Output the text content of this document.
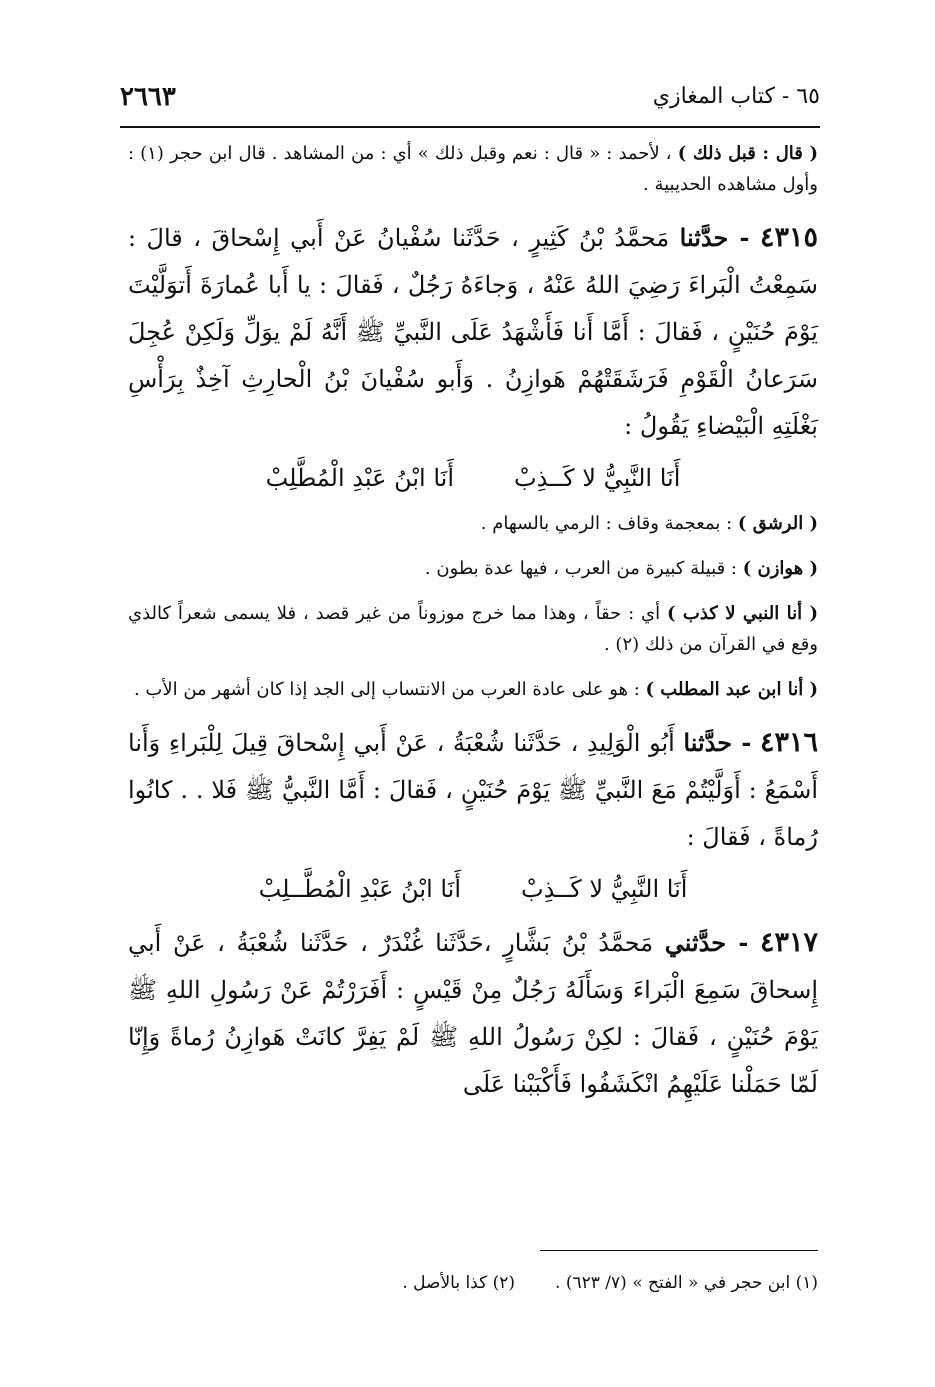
٦٥ - كتاب المغازي
٢٦٦٣

( قال : قبل ذلك ) ، لأحمد : « قال : نعم وقبل ذلك » أي : من المشاهد . قال ابن حجر (١) : وأول مشاهده الحديبية .

٤٣١٥ - حدَّثنا مَحمَّدُ بْنُ كَثِيرٍ ، حَدَّثَنا سُفْيانُ عَنْ أَبي إِسْحاقَ ، قالَ : سَمِعْتُ الْبَراءَ رَضِيَ اللهُ عَنْهُ ، وَجاءَهُ رَجُلٌ ، فَقالَ : يا أَبا عُمارَةَ أَتوَلَّيْتَ يَوْمَ حُنَيْنٍ ، فَقالَ : أَمَّا أَنا فَأَشْهَدُ عَلَى النَّبيِّ ﷺ أَنَّهُ لَمْ يوَلِّ وَلَكِنْ عُجِلَ سَرَعانُ الْقَوْمِ فَرَشَقَتْهُمْ هَوازِنُ . وَأَبو سُفْيانَ بْنُ الْحارِثِ آخِذٌ بِرَأْسِ بَغْلَتِهِ الْبَيْضاءِ يَقُولُ :

أَنَا النَّبِيُّ لا كَــذِبْ
أَنَا ابْنُ عَبْدِ الْمُطَّلِبْ

( الرشق ) : بمعجمة وقاف : الرمي بالسهام .

( هوازن ) : قبيلة كبيرة من العرب ، فيها عدة بطون .

( أنا النبي لا كذب ) أي : حقاً ، وهذا مما خرج موزوناً من غير قصد ، فلا يسمى شعراً كالذي وقع في القرآن من ذلك (٢) .

( أنا ابن عبد المطلب ) : هو على عادة العرب من الانتساب إلى الجد إذا كان أشهر من الأب .

٤٣١٦ - حدَّثنا أَبُو الْوَلِيدِ ، حَدَّثَنا شُعْبَةُ ، عَنْ أَبي إِسْحاقَ قِيلَ لِلْبَراءِ وَأَنا أَسْمَعُ : أَوَلَّيْتُمْ مَعَ النَّبيِّ ﷺ يَوْمَ حُنَيْنٍ ، فَقالَ : أَمَّا النَّبيُّ ﷺ فَلا . . كانُوا رُماةً ، فَقالَ :

أَنَا النَّبِيُّ لا كَــذِبْ
أَنَا ابْنُ عَبْدِ الْمُطَّــلِبْ

٤٣١٧ - حدَّثني مَحمَّدُ بْنُ بَشَّارٍ ،حَدَّثَنا غُنْدَرٌ ، حَدَّثَنا شُعْبَةُ ، عَنْ أَبي إِسحاقَ سَمِعَ الْبَراءَ وَسَأَلَهُ رَجُلٌ مِنْ قَيْسٍ : أَفَرَرْتُمْ عَنْ رَسُولِ اللهِ ﷺ يَوْمَ حُنَيْنٍ ، فَقالَ : لكِنْ رَسُولُ اللهِ ﷺ لَمْ يَفِرَّ كانَتْ هَوازِنُ رُماةً وَإِنّا لَمّا حَمَلْنا عَلَيْهِمُ انْكَشَفُوا فَأَكْبَبْنا عَلَى

(١) ابن حجر في « الفتح » (٧/ ٦٢٣) .
(٢) كذا بالأصل .
